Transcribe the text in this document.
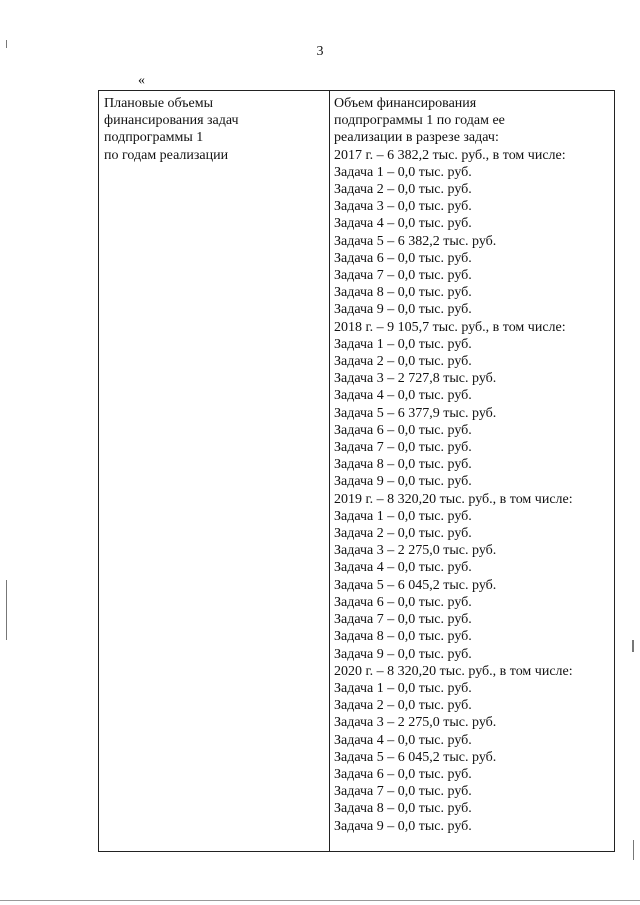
3
«
Плановые объемы
финансирования задач
подпрограммы 1
по годам реализации
Объем финансирования
подпрограммы 1 по годам ее
реализации в разрезе задач:
2017 г. – 6 382,2 тыс. руб., в том числе:
Задача 1 – 0,0 тыс. руб.
Задача 2 – 0,0 тыс. руб.
Задача 3 – 0,0 тыс. руб.
Задача 4 – 0,0 тыс. руб.
Задача 5 – 6 382,2 тыс. руб.
Задача 6 – 0,0 тыс. руб.
Задача 7 – 0,0 тыс. руб.
Задача 8 – 0,0 тыс. руб.
Задача 9 – 0,0 тыс. руб.
2018 г. – 9 105,7 тыс. руб., в том числе:
Задача 1 – 0,0 тыс. руб.
Задача 2 – 0,0 тыс. руб.
Задача 3 – 2 727,8 тыс. руб.
Задача 4 – 0,0 тыс. руб.
Задача 5 – 6 377,9 тыс. руб.
Задача 6 – 0,0 тыс. руб.
Задача 7 – 0,0 тыс. руб.
Задача 8 – 0,0 тыс. руб.
Задача 9 – 0,0 тыс. руб.
2019 г. – 8 320,20 тыс. руб., в том числе:
Задача 1 – 0,0 тыс. руб.
Задача 2 – 0,0 тыс. руб.
Задача 3 – 2 275,0 тыс. руб.
Задача 4 – 0,0 тыс. руб.
Задача 5 – 6 045,2 тыс. руб.
Задача 6 – 0,0 тыс. руб.
Задача 7 – 0,0 тыс. руб.
Задача 8 – 0,0 тыс. руб.
Задача 9 – 0,0 тыс. руб.
2020 г. – 8 320,20 тыс. руб., в том числе:
Задача 1 – 0,0 тыс. руб.
Задача 2 – 0,0 тыс. руб.
Задача 3 – 2 275,0 тыс. руб.
Задача 4 – 0,0 тыс. руб.
Задача 5 – 6 045,2 тыс. руб.
Задача 6 – 0,0 тыс. руб.
Задача 7 – 0,0 тыс. руб.
Задача 8 – 0,0 тыс. руб.
Задача 9 – 0,0 тыс. руб.
